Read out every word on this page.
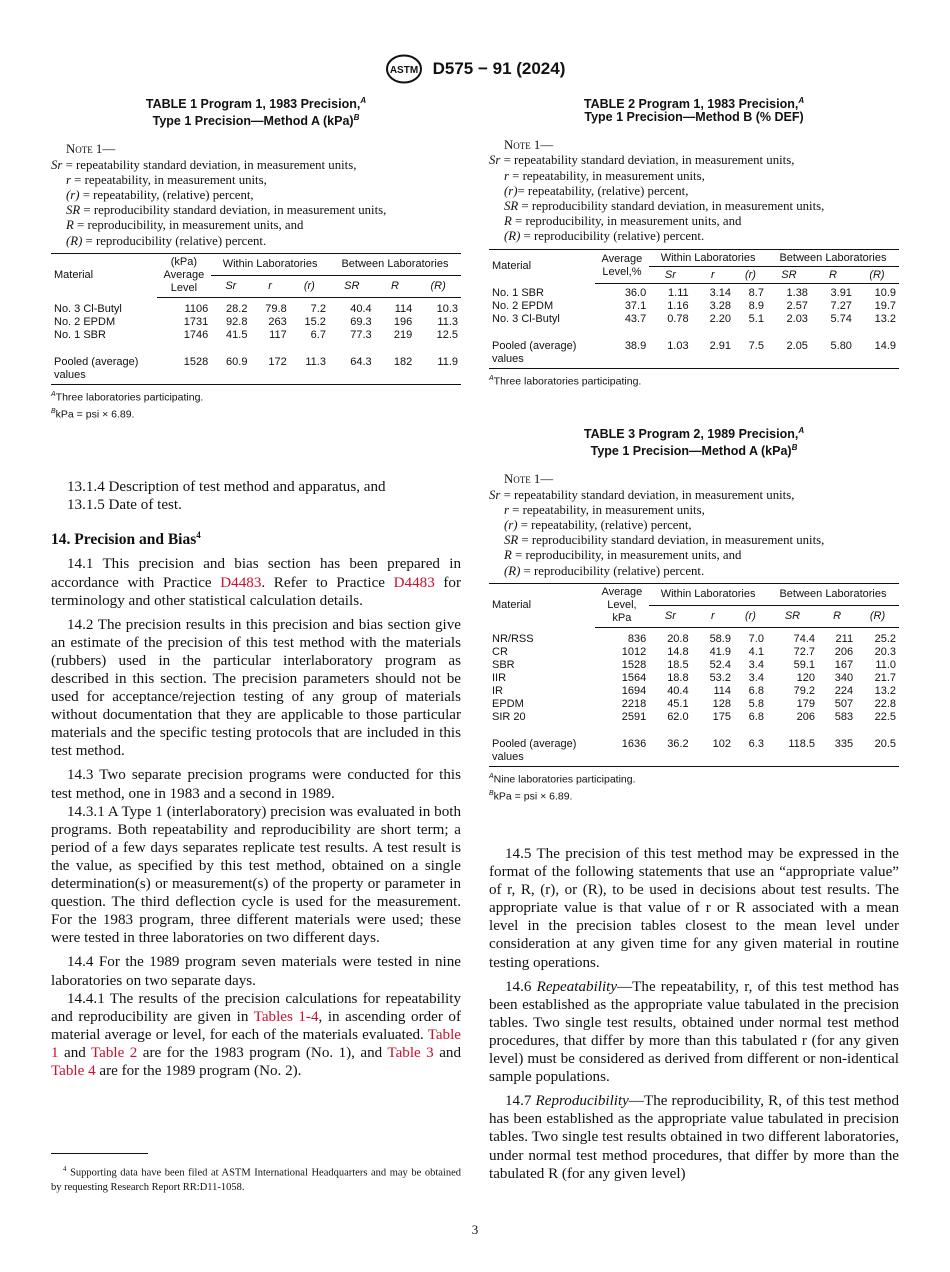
ASTM D575 − 91 (2024)
TABLE 1 Program 1, 1983 Precision,$^A$
Type 1 Precision—Method A (kPa)$^B$
Note 1—
Sr = repeatability standard deviation, in measurement units,
r = repeatability, in measurement units,
(r) = repeatability, (relative) percent,
SR = reproducibility standard deviation, in measurement units,
R = reproducibility, in measurement units, and
(R) = reproducibility (relative) percent.
Material	(kPa)
Average
Level	Within Laboratories			Between Laboratories		
		Sr	r	(r)	SR	R	(R)

No. 3 Cl-Butyl	1106	28.2	79.8	7.2	40.4	114	10.3
No. 2 EPDM	1731	92.8	263	15.2	69.3	196	11.3
No. 1 SBR	1746	41.5	117	6.7	77.3	219	12.5

Pooled (average)	1528	60.9	172	11.3	64.3	182	11.9
values							
$^A$Three laboratories participating.
$^B$kPa = psi × 6.89.
TABLE 2 Program 1, 1983 Precision,$^A$
Type 1 Precision—Method B (% DEF)
Note 1—
Sr = repeatability standard deviation, in measurement units,
r = repeatability, in measurement units,
(r)= repeatability, (relative) percent,
SR = reproducibility standard deviation, in measurement units,
R = reproducibility, in measurement units, and
(R) = reproducibility (relative) percent.
Material	Average
Level,%	Within Laboratories			Between Laboratories		
		Sr	r	(r)	SR	R	(R)

No. 1 SBR	36.0	1.11	3.14	8.7	1.38	3.91	10.9
No. 2 EPDM	37.1	1.16	3.28	8.9	2.57	7.27	19.7
No. 3 Cl-Butyl	43.7	0.78	2.20	5.1	2.03	5.74	13.2

Pooled (average)	38.9	1.03	2.91	7.5	2.05	5.80	14.9
values							
$^A$Three laboratories participating.
TABLE 3 Program 2, 1989 Precision,$^A$
Type 1 Precision—Method A (kPa)$^B$
Note 1—
Sr = repeatability standard deviation, in measurement units,
r = repeatability, in measurement units,
(r) = repeatability, (relative) percent,
SR = reproducibility standard deviation, in measurement units,
R = reproducibility, in measurement units, and
(R) = reproducibility (relative) percent.
Material	Average
Level,
kPa	Within Laboratories			Between Laboratories		
		Sr	r	(r)	SR	R	(R)

NR/RSS	836	20.8	58.9	7.0	74.4	211	25.2
CR	1012	14.8	41.9	4.1	72.7	206	20.3
SBR	1528	18.5	52.4	3.4	59.1	167	11.0
IIR	1564	18.8	53.2	3.4	120	340	21.7
IR	1694	40.4	114	6.8	79.2	224	13.2
EPDM	2218	45.1	128	5.8	179	507	22.8
SIR 20	2591	62.0	175	6.8	206	583	22.5

Pooled (average)	1636	36.2	102	6.3	118.5	335	20.5
values							
$^A$Nine laboratories participating.
$^B$kPa = psi × 6.89.

13.1.4 Description of test method and apparatus, and

13.1.5 Date of test.

14. Precision and Bias$^4$

14.1 This precision and bias section has been prepared in accordance with Practice D4483. Refer to Practice D4483 for terminology and other statistical calculation details.

14.2 The precision results in this precision and bias section give an estimate of the precision of this test method with the materials (rubbers) used in the particular interlaboratory program as described in this section. The precision parameters should not be used for acceptance/rejection testing of any group of materials without documentation that they are applicable to those particular materials and the specific testing protocols that are included in this test method.

14.3 Two separate precision programs were conducted for this test method, one in 1983 and a second in 1989.

14.3.1 A Type 1 (interlaboratory) precision was evaluated in both programs. Both repeatability and reproducibility are short term; a period of a few days separates replicate test results. A test result is the value, as specified by this test method, obtained on a single determination(s) or measurement(s) of the property or parameter in question. The third deflection cycle is used for the measurement. For the 1983 program, three different materials were used; these were tested in three laboratories on two different days.

14.4 For the 1989 program seven materials were tested in nine laboratories on two separate days.

14.4.1 The results of the precision calculations for repeatability and reproducibility are given in Tables 1-4, in ascending order of material average or level, for each of the materials evaluated. Table 1 and Table 2 are for the 1983 program (No. 1), and Table 3 and Table 4 are for the 1989 program (No. 2).

14.5 The precision of this test method may be expressed in the format of the following statements that use an “appropriate value” of r, R, (r), or (R), to be used in decisions about test results. The appropriate value is that value of r or R associated with a mean level in the precision tables closest to the mean level under consideration at any given time for any given material in routine testing operations.

14.6 Repeatability—The repeatability, r, of this test method has been established as the appropriate value tabulated in the precision tables. Two single test results, obtained under normal test method procedures, that differ by more than this tabulated r (for any given level) must be considered as derived from different or non-identical sample populations.

14.7 Reproducibility—The reproducibility, R, of this test method has been established as the appropriate value tabulated in precision tables. Two single test results obtained in two different laboratories, under normal test method procedures, that differ by more than the tabulated R (for any given level)

$^4$ Supporting data have been filed at ASTM International Headquarters and may be obtained by requesting Research Report RR:D11-1058.
3
